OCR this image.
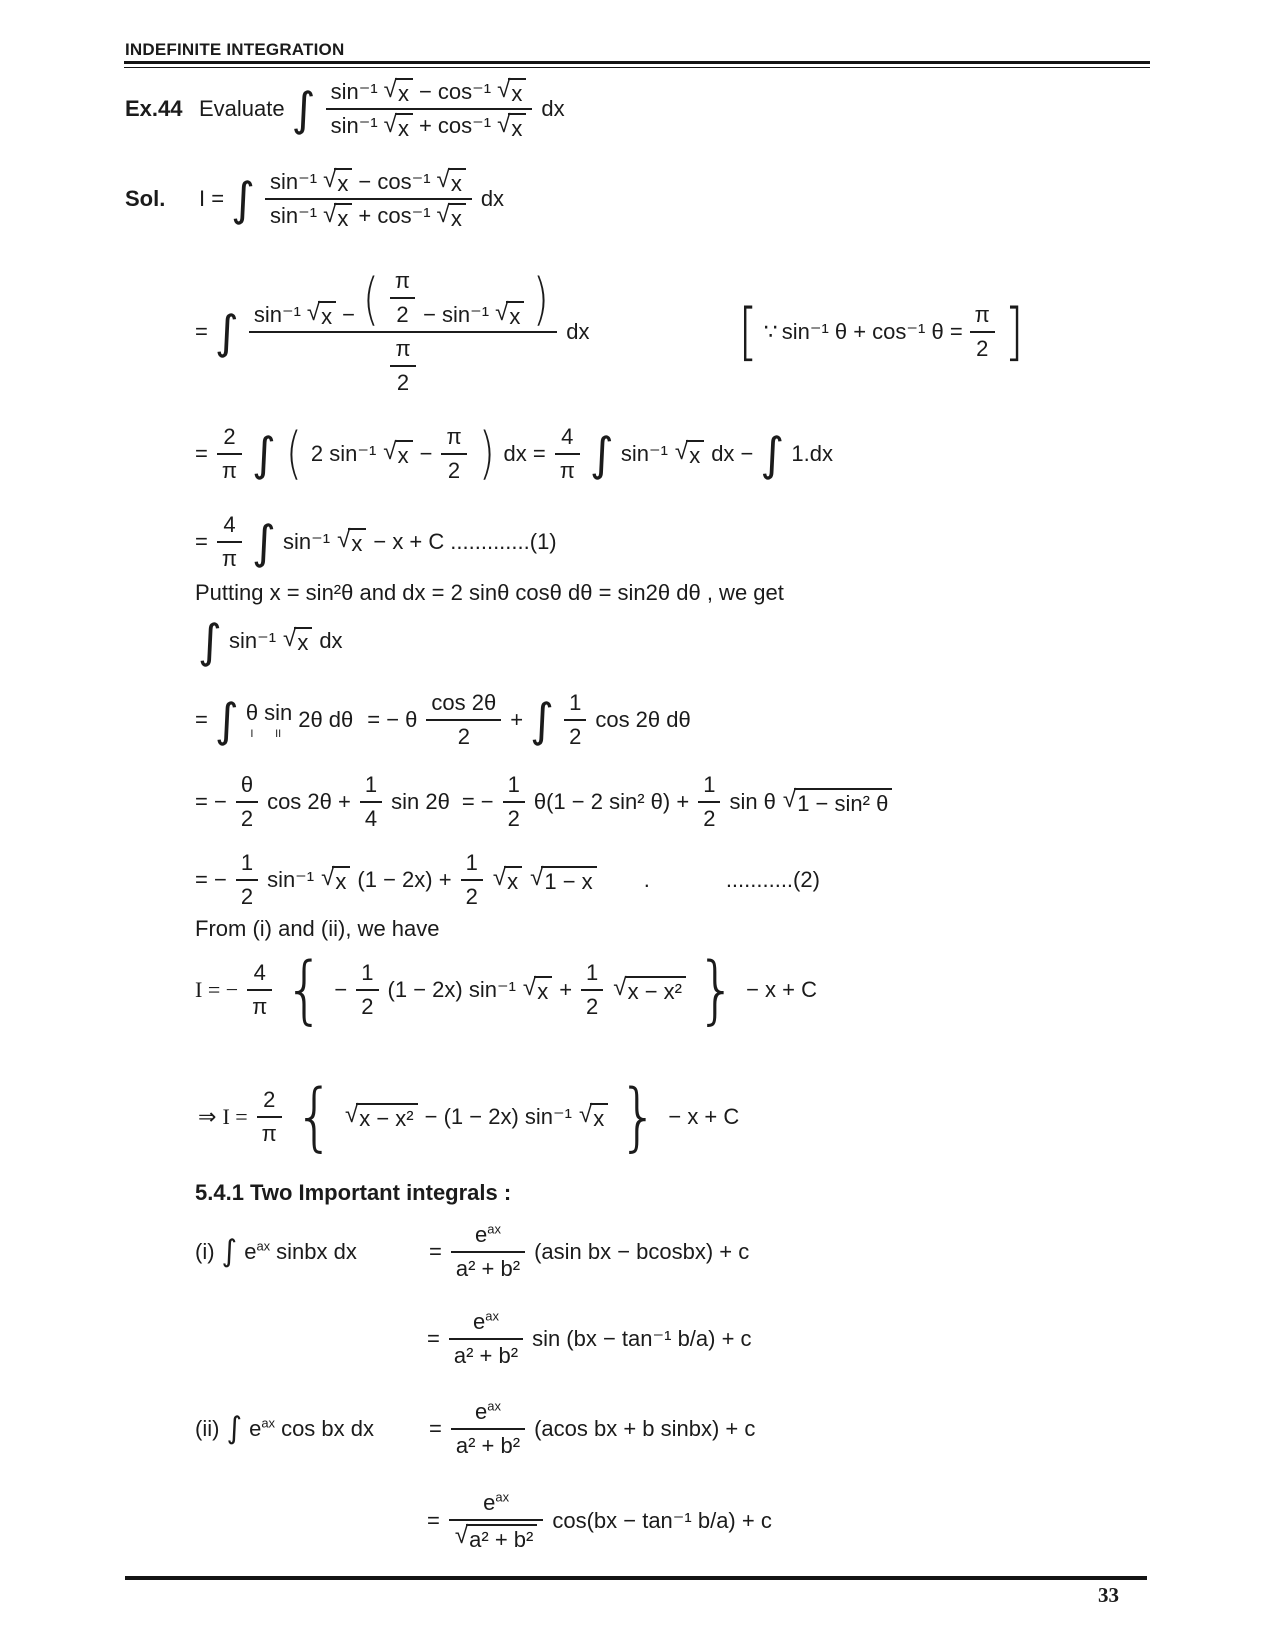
INDEFINITE INTEGRATION
Ex.44 Evaluate ∫ $\frac{\text{sin⁻¹ √ x − cos⁻¹ √ x}}{\text{sin⁻¹ √ x + cos⁻¹ √ x}}$ dx
Sol.	I = ∫ $\frac{\text{sin⁻¹ √ x − cos⁻¹ √ x}}{\text{sin⁻¹ √ x + cos⁻¹ √ x}}$ dx
= ∫ sin⁻¹ √ x − ( $\frac{\pi}{2} - \sin^{-1}$ √ x )
$\frac{\pi}{2}$
dx [ ∵ sin⁻¹ θ + cos⁻¹ $\theta = \frac{\pi}{2}$ ]
= $\frac{2}{\pi}$ ∫ ( 2 sin⁻¹ √ $x - \frac{\pi}{2}$ ) dx = $\frac{4}{\pi}$ ∫ sin⁻¹ √ x dx − ∫ 1.dx
= $\frac{4}{\pi}$ ∫ sin⁻¹ √ x − x + C .............(1)
Putting x = sin²θ and dx = 2 sinθ cosθ dθ = sin2θ dθ , we get
∫ sin⁻¹ √ x dx
= ∫ θ
I
sin
II
2θ dθ = − θ $\frac{\cos 2\theta}{2}$ + ∫ $\frac{1}{2}$ cos 2θ dθ
= − $\frac{\theta}{2}$ $\cos 2\theta + \frac{1}{4}$ sin 2θ = − $\frac{1}{2} \theta(1 - 2$ sin² $\theta) + \frac{1}{2}$ sin θ √ 1 − sin² θ
= − $\frac{1}{2} \sin^{-1}$ √ x $(1 - 2x) + \frac{1}{2}$ √ x √ 1 − x .	...........(2)
From (i) and (ii), we have
I = − $\frac{4}{\pi}$ { − $\frac{1}{2} (1 - 2x)$ sin⁻¹ √ $x + \frac{1}{2}$ √ x − x² } − x + C
⇒ $I = \frac{2}{\pi}$ { √ x − x² − (1 − 2x) sin⁻¹ √ x } − x + C
5.4.1 Two Important integrals :
(i) ∫ $e^{ax}$ sinbx dx	= $\frac{e^{ax}}{\text{a² + b²}} (asin$ bx − bcosbx) + c
= $\frac{e^{ax}}{\text{a² + b²}}$ sin (bx − tan⁻¹ b/a) + c
(ii) ∫ $e^{ax}$ cos bx dx	= $\frac{e^{ax}}{\text{a² + b²}} (acos$ bx + b sinbx) + c
= $\frac{e^{ax}}{\text{√ a² + b²}} \cos(bx - \tan^{-1}$ b/a) + c
33
